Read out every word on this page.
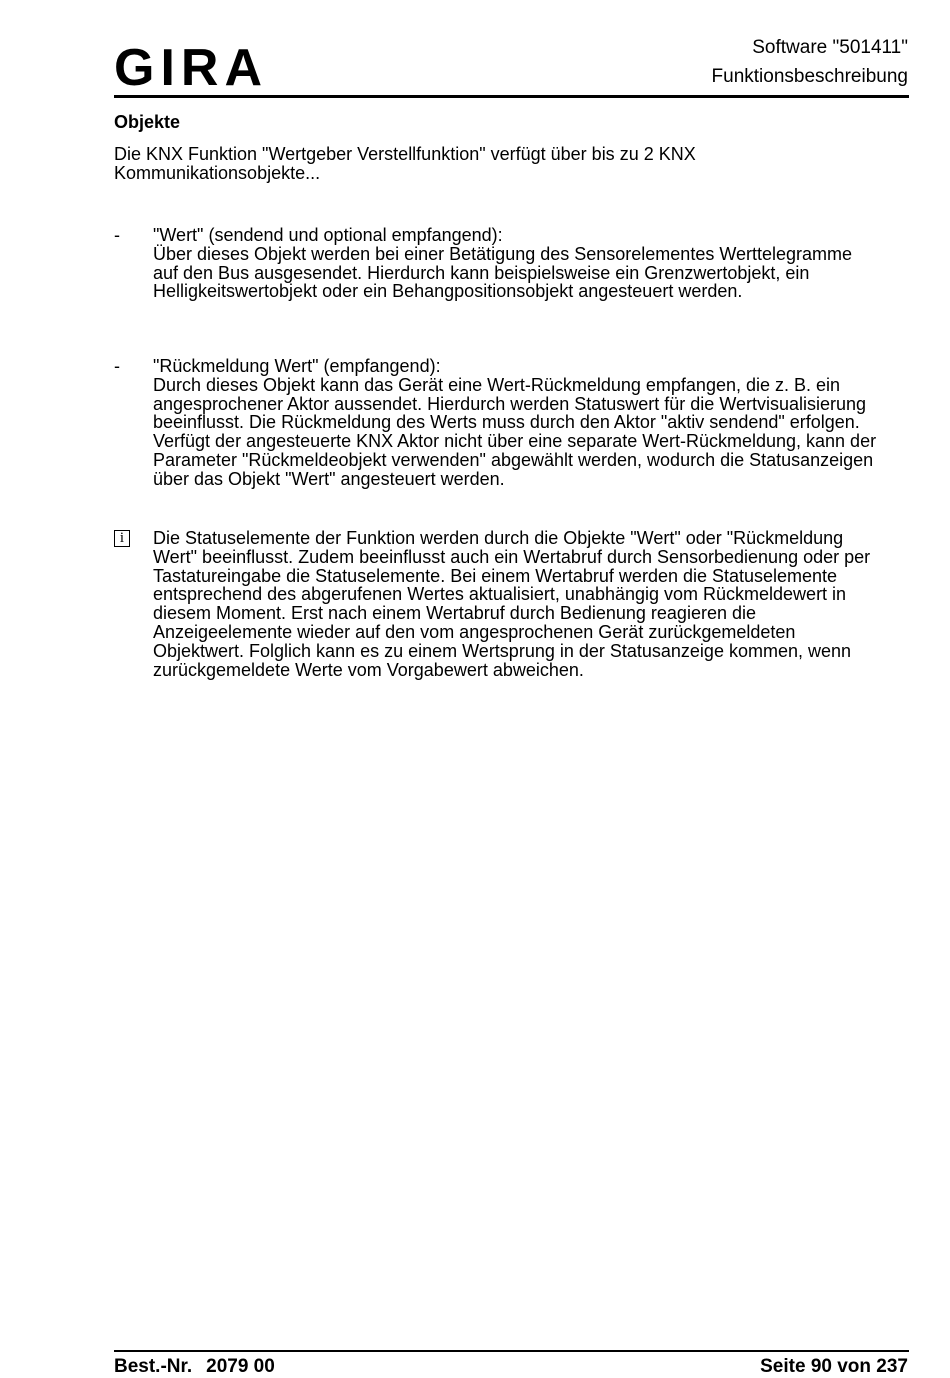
GIRA	Software "501411"
Funktionsbeschreibung
Objekte
Die KNX Funktion "Wertgeber Verstellfunktion" verfügt über bis zu 2 KNX
Kommunikationsobjekte...
-	"Wert" (sendend und optional empfangend):
Über dieses Objekt werden bei einer Betätigung des Sensorelementes Werttelegramme
auf den Bus ausgesendet. Hierdurch kann beispielsweise ein Grenzwertobjekt, ein
Helligkeitswertobjekt oder ein Behangpositionsobjekt angesteuert werden.
-	"Rückmeldung Wert" (empfangend):
Durch dieses Objekt kann das Gerät eine Wert-Rückmeldung empfangen, die z. B. ein
angesprochener Aktor aussendet. Hierdurch werden Statuswert für die Wertvisualisierung
beeinflusst. Die Rückmeldung des Werts muss durch den Aktor "aktiv sendend" erfolgen.
Verfügt der angesteuerte KNX Aktor nicht über eine separate Wert-Rückmeldung, kann der
Parameter "Rückmeldeobjekt verwenden" abgewählt werden, wodurch die Statusanzeigen
über das Objekt "Wert" angesteuert werden.
i	Die Statuselemente der Funktion werden durch die Objekte "Wert" oder "Rückmeldung
Wert" beeinflusst. Zudem beeinflusst auch ein Wertabruf durch Sensorbedienung oder per
Tastatureingabe die Statuselemente. Bei einem Wertabruf werden die Statuselemente
entsprechend des abgerufenen Wertes aktualisiert, unabhängig vom Rückmeldewert in
diesem Moment. Erst nach einem Wertabruf durch Bedienung reagieren die
Anzeigeelemente wieder auf den vom angesprochenen Gerät zurückgemeldeten
Objektwert. Folglich kann es zu einem Wertsprung in der Statusanzeige kommen, wenn
zurückgemeldete Werte vom Vorgabewert abweichen.
Best.-Nr. 2079 00	Seite 90 von 237
